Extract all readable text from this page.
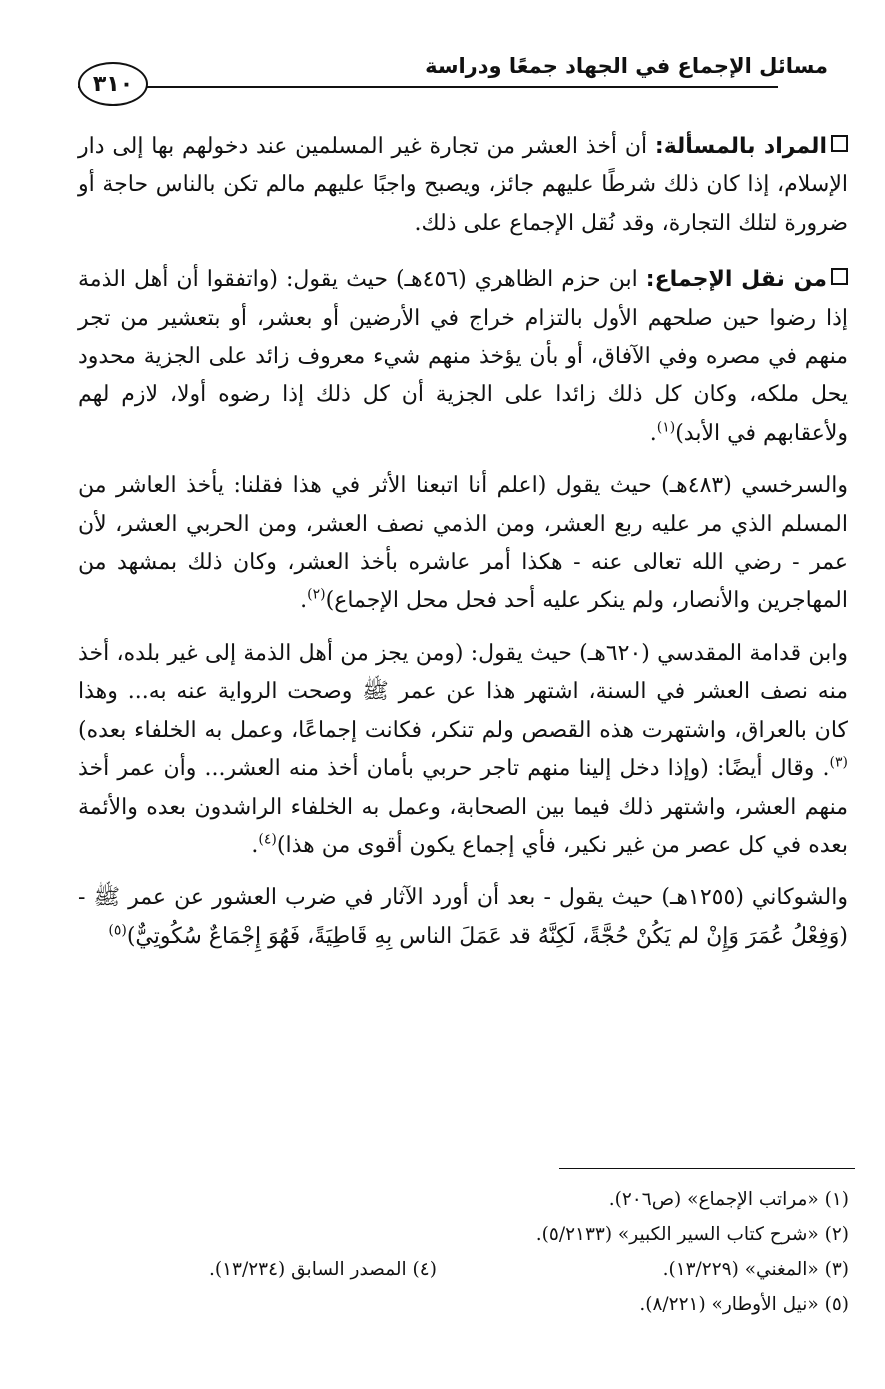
مسائل الإجماع في الجهاد جمعًا ودراسة
٣١٠

المراد بالمسألة: أن أخذ العشر من تجارة غير المسلمين عند دخولهم بها إلى دار الإسلام، إذا كان ذلك شرطًا عليهم جائز، ويصبح واجبًا عليهم مالم تكن بالناس حاجة أو ضرورة لتلك التجارة، وقد نُقل الإجماع على ذلك.

من نقل الإجماع: ابن حزم الظاهري (٤٥٦هـ) حيث يقول: (واتفقوا أن أهل الذمة إذا رضوا حين صلحهم الأول بالتزام خراج في الأرضين أو بعشر، أو بتعشير من تجر منهم في مصره وفي الآفاق، أو بأن يؤخذ منهم شيء معروف زائد على الجزية محدود يحل ملكه، وكان كل ذلك زائدا على الجزية أن كل ذلك إذا رضوه أولا، لازم لهم ولأعقابهم في الأبد)$^{(١)}$.

والسرخسي (٤٨٣هـ) حيث يقول (اعلم أنا اتبعنا الأثر في هذا فقلنا: يأخذ العاشر من المسلم الذي مر عليه ربع العشر، ومن الذمي نصف العشر، ومن الحربي العشر، لأن عمر - رضي الله تعالى عنه - هكذا أمر عاشره بأخذ العشر، وكان ذلك بمشهد من المهاجرين والأنصار، ولم ينكر عليه أحد فحل محل الإجماع)$^{(٢)}$.

وابن قدامة المقدسي (٦٢٠هـ) حيث يقول: (ومن يجز من أهل الذمة إلى غير بلده، أخذ منه نصف العشر في السنة، اشتهر هذا عن عمر ﷺ وصحت الرواية عنه به... وهذا كان بالعراق، واشتهرت هذه القصص ولم تنكر، فكانت إجماعًا، وعمل به الخلفاء بعده)$^{(٣)}$. وقال أيضًا: (وإذا دخل إلينا منهم تاجر حربي بأمان أخذ منه العشر... وأن عمر أخذ منهم العشر، واشتهر ذلك فيما بين الصحابة، وعمل به الخلفاء الراشدون بعده والأئمة بعده في كل عصر من غير نكير، فأي إجماع يكون أقوى من هذا)$^{(٤)}$.

والشوكاني (١٢٥٥هـ) حيث يقول - بعد أن أورد الآثار في ضرب العشور عن عمر ﷺ - (وَفِعْلُ عُمَرَ وَإِنْ لم يَكُنْ حُجَّةً، لَكِنَّهُ قد عَمَلَ الناس بِهِ قَاطِيَةً، فَهُوَ إِجْمَاعٌ سُكُوتِيٌّ)$^{(٥)}$

(١) «مراتب الإجماع» (ص٢٠٦).
(٢) «شرح كتاب السير الكبير» (٥/٢١٣٣).
(٣) «المغني» (١٣/٢٢٩).
(٤) المصدر السابق (١٣/٢٣٤).
(٥) «نيل الأوطار» (٨/٢٢١).
